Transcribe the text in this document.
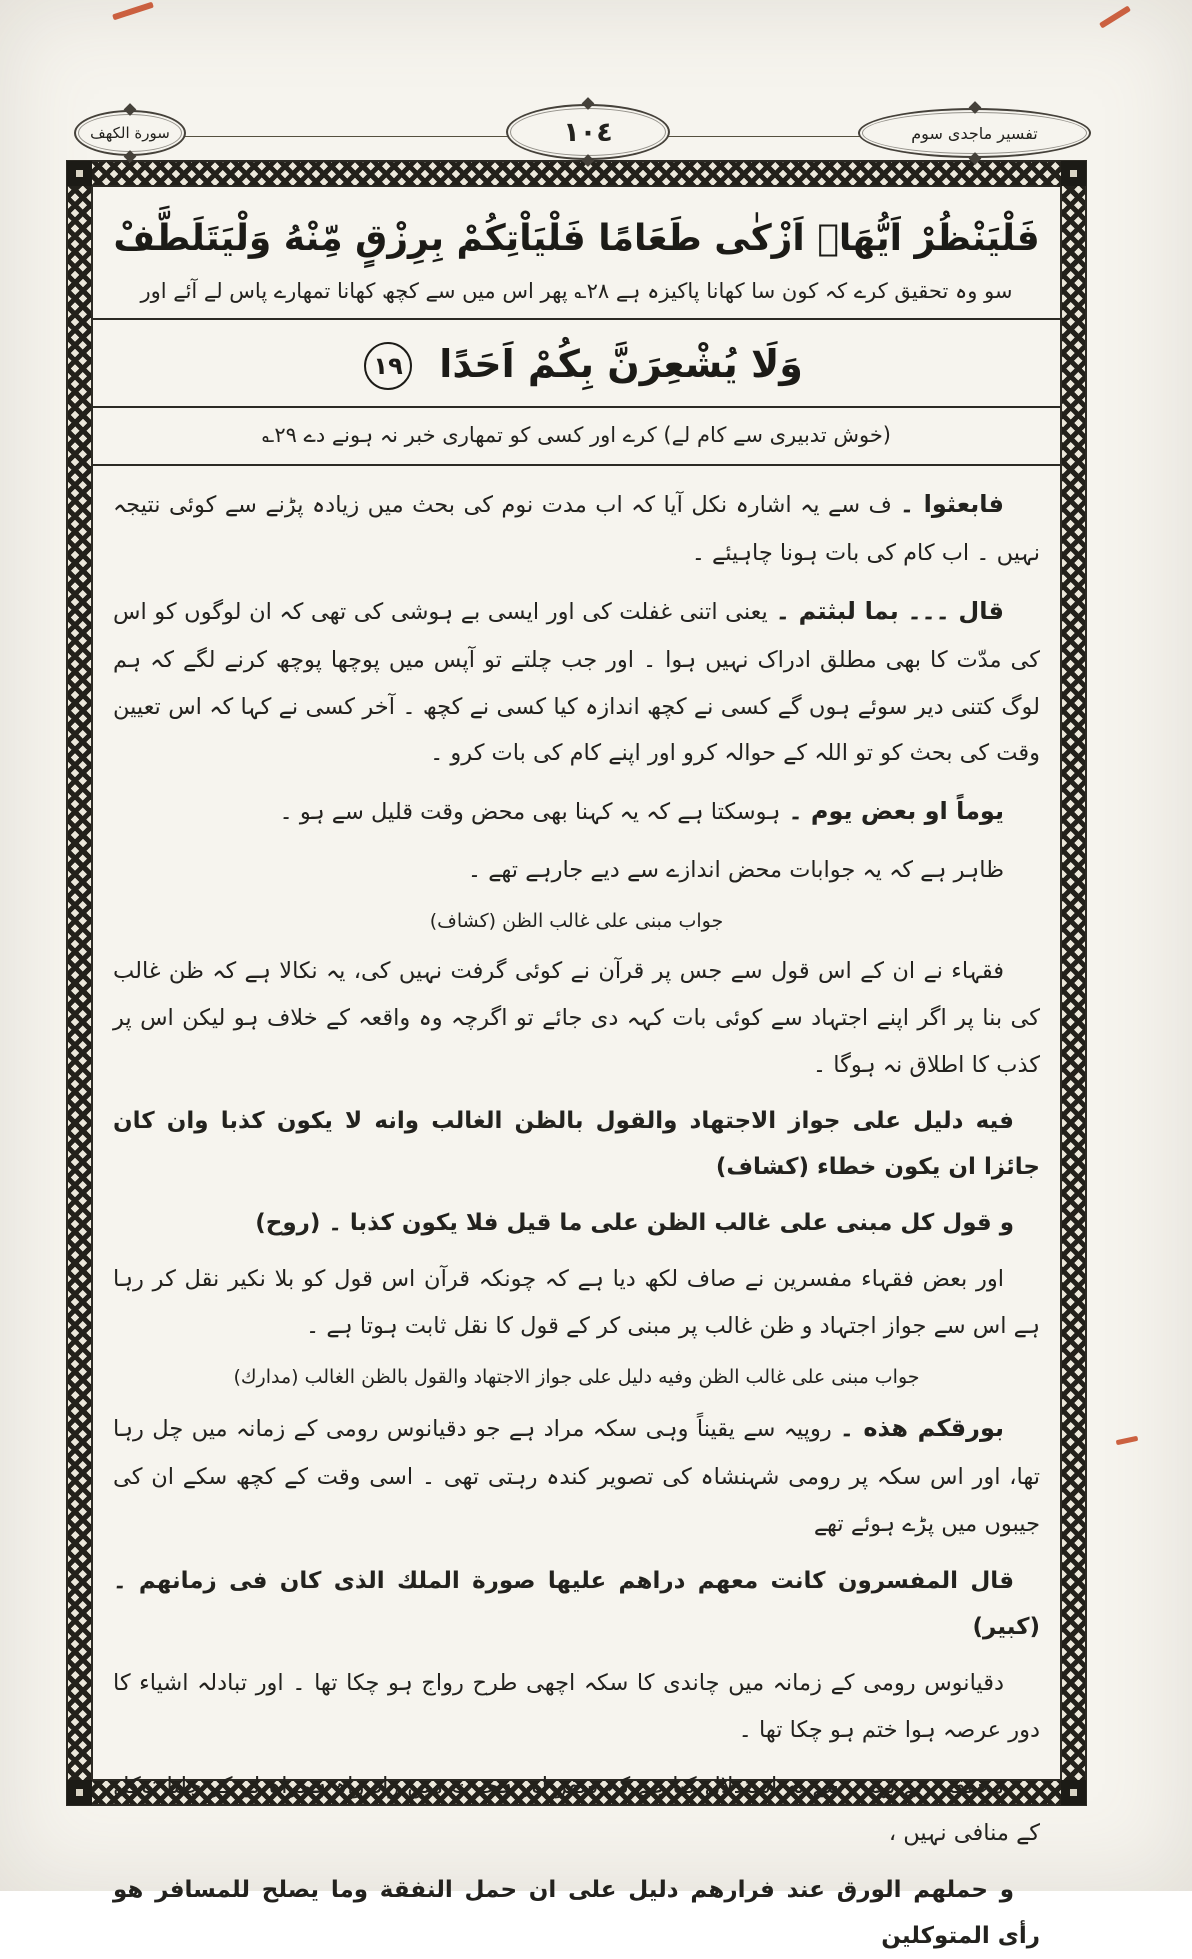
سورة الكهف	١٠٤	تفسير ماجدى سوم
فَلْيَنْظُرْ اَيُّهَاۤ اَزْكٰى طَعَامًا فَلْيَاْتِكُمْ بِرِزْقٍ مِّنْهُ وَلْيَتَلَطَّفْ
سو وہ تحقیق کرے کہ کون سا کھانا پاکیزہ ہے ۲۸؎ پھر اس میں سے کچھ کھانا تمھارے پاس لے آئے اور
وَلَا يُشْعِرَنَّ بِكُمْ اَحَدًا ۱۹
(خوش تدبیری سے کام لے) کرے اور کسی کو تمھاری خبر نہ ہونے دے ۲۹؎

فابعثوا ۔ف سے یہ اشارہ نکل آیا کہ اب مدت نوم کی بحث میں زیادہ پڑنے سے کوئی نتیجہ نہیں ۔ اب کام کی بات ہونا چاہیئے ۔

قال ۔۔۔ بما لبثتم ۔یعنی اتنی غفلت کی اور ایسی بے ہوشی کی تھی کہ ان لوگوں کو اس کی مدّت کا بھی مطلق ادراک نہیں ہوا ۔ اور جب چلتے تو آپس میں پوچھا پوچھ کرنے لگے کہ ہم لوگ کتنی دیر سوئے ہوں گے کسی نے کچھ اندازہ کیا کسی نے کچھ ۔ آخر کسی نے کہا کہ اس تعیین وقت کی بحث کو تو اللہ کے حوالہ کرو اور اپنے کام کی بات کرو ۔

يوماً او بعض يوم ۔ہوسکتا ہے کہ یہ کہنا بھی محض وقت قلیل سے ہو ۔

ظاہر ہے کہ یہ جوابات محض اندازے سے دیے جارہے تھے ۔

جواب مبنى على غالب الظن (كشاف)

فقہاء نے ان کے اس قول سے جس پر قرآن نے کوئی گرفت نہیں کی، یہ نکالا ہے کہ ظن غالب کی بنا پر اگر اپنے اجتہاد سے کوئی بات کہہ دی جائے تو اگرچہ وہ واقعہ کے خلاف ہو لیکن اس پر کذب کا اطلاق نہ ہوگا ۔

فيه دليل على جواز الاجتهاد والقول بالظن الغالب وانه لا يكون كذبا وان كان جائزا ان يكون خطاء (كشاف)

و قول كل مبنى على غالب الظن على ما قيل فلا يكون كذبا ۔ (روح)

اور بعض فقہاء مفسرین نے صاف لکھ دیا ہے کہ چونکہ قرآن اس قول کو بلا نکیر نقل کر رہا ہے اس سے جواز اجتہاد و ظن غالب پر مبنی کر کے قول کا نقل ثابت ہوتا ہے ۔

جواب مبنى على غالب الظن وفيه دليل على جواز الاجتهاد والقول بالظن الغالب (مدارك)

بورقكم هذه ۔روپیہ سے یقیناً وہی سکہ مراد ہے جو دقیانوس رومی کے زمانہ میں چل رہا تھا، اور اس سکہ پر رومی شہنشاہ کی تصویر کندہ رہتی تھی ۔ اسی وقت کے کچھ سکے ان کی جیبوں میں پڑے ہوئے تھے

قال المفسرون كانت معهم دراهم عليها صورة الملك الذى كان فى زمانهم ۔ (كبير)

دقیانوس رومی کے زمانہ میں چاندی کا سکہ اچھی طرح رواج ہو چکا تھا ۔ اور تبادلہ اشیاء کا دور عرصہ ہوا ختم ہو چکا تھا ۔

محققین نے یہیں سے یہ استدلال کیا ہے کہ سفر اور ہجرت میں زاد راہ ہمراہ لے کر چلنا توکل کے منافی نہیں ،

و حملهم الورق عند فرارهم دليل على ان حمل النفقة وما يصلح للمسافر هو رأى المتوكلين
